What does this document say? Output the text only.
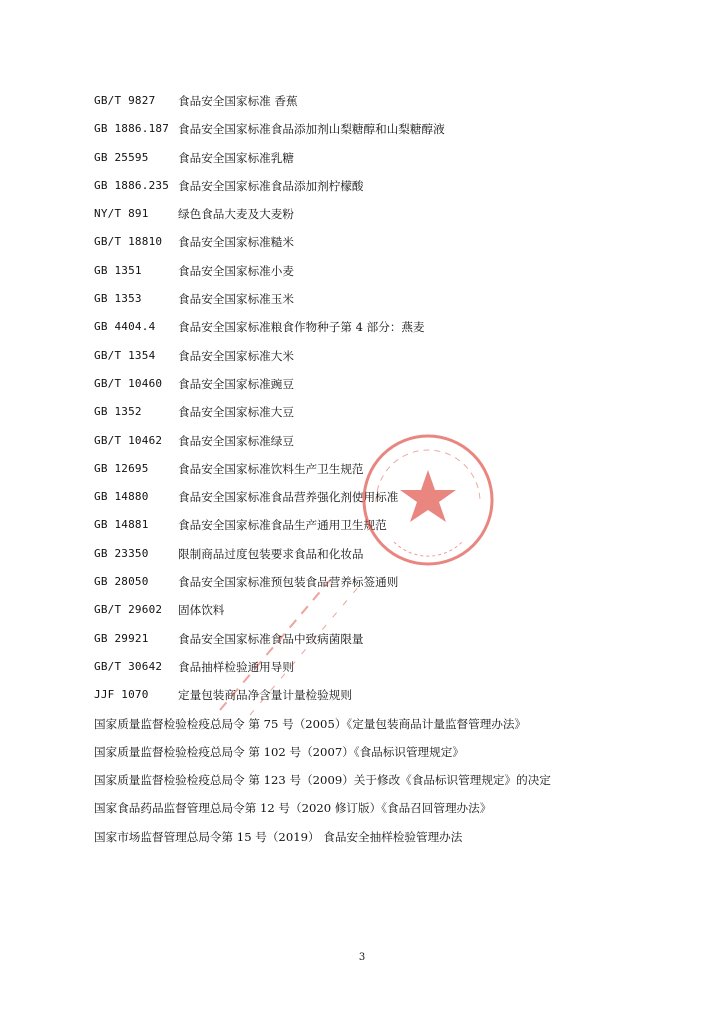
GB/T 9827 食品安全国家标准 香蕉
GB 1886.187 食品安全国家标准食品添加剂山梨糖醇和山梨糖醇液
GB 25595	食品安全国家标准乳糖
GB 1886.235 食品安全国家标准食品添加剂柠檬酸
NY/T 891	绿色食品大麦及大麦粉
GB/T 18810 食品安全国家标准糙米
GB 1351	食品安全国家标准小麦
GB 1353	食品安全国家标准玉米
GB 4404.4 食品安全国家标准粮食作物种子第 4 部分：燕麦
GB/T 1354 食品安全国家标准大米
GB/T 10460 食品安全国家标准豌豆
GB 1352	食品安全国家标准大豆
GB/T 10462 食品安全国家标准绿豆
GB 12695	食品安全国家标准饮料生产卫生规范
GB 14880	食品安全国家标准食品营养强化剂使用标准
GB 14881	食品安全国家标准食品生产通用卫生规范
GB 23350	限制商品过度包装要求食品和化妆品
GB 28050	食品安全国家标准预包装食品营养标签通则
GB/T 29602 固体饮料
GB 29921	食品安全国家标准食品中致病菌限量
GB/T 30642 食品抽样检验通用导则
JJF 1070	定量包装商品净含量计量检验规则
国家质量监督检验检疫总局令 第 75 号（2005）《定量包装商品计量监督管理办法》
国家质量监督检验检疫总局令 第 102 号（2007）《食品标识管理规定》
国家质量监督检验检疫总局令 第 123 号（2009）关于修改《食品标识管理规定》的决定
国家食品药品监督管理总局令第 12 号（2020 修订版）《食品召回管理办法》
国家市场监督管理总局令第 15 号（2019） 食品安全抽样检验管理办法
3
